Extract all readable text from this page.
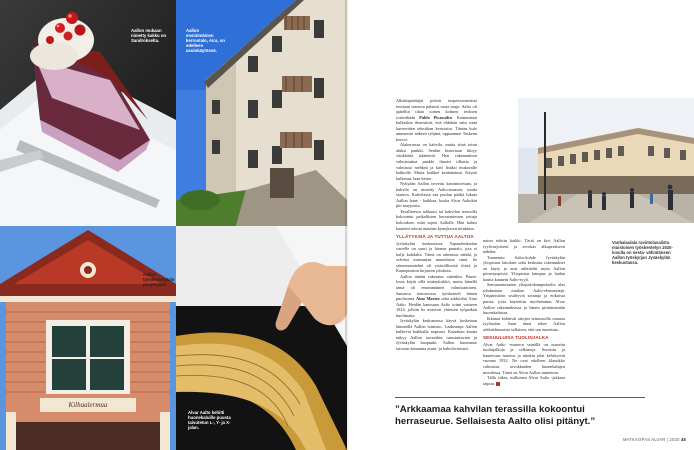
Aallon mukaan nimetty kakku on Sandrokselta.
Aallon ensimmäinen kerrostalo, Aira, on edelleen asuinkäytössä.
Kilhaalermua
Aallon työskentelytalo puuntoissa.
Alvar Aalto kehitti huonekaluille puusta taivutetun L-, Y- ja X-jalan.

Alkalaipäättäjät pitivät impressionistista teostaan tarrassa palautti tuota muja. Aalto oli ajatellut tilata toinen kolmen teoksen ystävältään Pablo Picassolta. Kaimmärnä kulkeskin ilmentivät, että ehkihän näin siinä kavereiden tekniikan kertoisiin. Tämän kulo ammeesta näkeen tyhjinä, uppaamme Taskenn kertoo.

Alakerrassa on kahvila, mutta siinä toimi aluksi pankki. Senkin historiaan liittyy värikkäitä käänteitä. Heti rakennuksen valmistuttua pankki ilmaisi tilkasta ja valmistui mehkeä ja kävi lisäksi mukavalle kehkolle. Mutta kaikkei keräämänsä. Käynti kulkenut, laan kertoi.

Nykyään Aallon teivettu kammiotetaan, ja kahvila on nimetty Aalto-maasen, mutta saatava. Kahvilassa saa puolan pääliä lukuta Aallon laine - kaikkaa, koska Alvar Aaltokin piti mayjuista.

Tavallisessa arkkaasi tai kahvilan terassilla kokoontui paikallisten herrasmiesten tottuja kokoukset, mitä sopisi Aallolle. Hän halusi kaunein talosta matalan kymykssen niinkinsa.

YLLÄTYKSIÄ JA TUTTUA AALTOA

Jyväskylän keskustassa Vapaudenkadun varrelle on suuri ja hienon puutalo, jota ei kulje kohdalta. Tämä on rakennus nähdä, ja selvästi muistuttaa muunlaisia siinä. Se rakennusmiehet oli ystävällisestä töistä ja Kaarepuiston kirjaston johdosta.

Aallon tämän rakennus sittenkin. Puuta-lossa käytä sillä mittayksikkö, mutta hänellä tämä oli ensimmäinen valmistaminen. Samassa toimistossa työskenteli hänen puolisonsa Aino Marsio sekä arkkitehti Aino Aalto. Heidän kanssaan Aalto toimi vuoteen 1924, jolloin he avasivat yhteisen työpaikan huolimatta.

Jyväskylän keskustassa käyvä kosketaan lämmöllä Aallon toimisto. Laakeampi Aallon kulkevat kaikkalla nopeasti. Kaarakan kautta näkyy Aallon tarinoihin tutustuttavien ja Jyväskylän kaupunki. Aallon huomanto taivasin kantamia asuin- ja kahvila-muisti.

naiset tehtiin kaikki. Tästä on kivi Aallon tyylivarjoisesti ja arvokas alkuperäisesti nähden.

Tunnetuin Aalto-kohde Jyväskylän yliopiston laitokset sekä keskusta rakennukset on käyty ja uusi arkkitehti myös Aallon piirustuspöytä. Yliopiston kampus ja laidan kautta kaunein Aalto-tyyli.

Seminaarinmäen yliopistokampukselta alas johdantaan matkaa Aalto-elementtejä. Ympäristöön sisältyviä sointuja ja erikoisia puista, joita käytettiin myöhemmin Alvar Aallon rakennuksissa ja hänen piirtämissään huonekaluissa.

Ikkunat kohäivät talojen seinustoilla omassa tyylissään. Juuri tämä tekee Aallon arkkitehtuurista sellaisen, että sen tunnistaa.

SEKUULUISA TUOLINJALKA

Alvar Aalto -museon seinällä on nostettu tuolinjalkoja ja selkänoja. Suoristu ja kaarevuus muotoa ja niinkin jalat kehittyivät vuonna 1932. Ne ovat edelleen klassikko valmistus arvokkaiden huonekalujen muodossa. Tämä on Alvar Aallon tunnetuin.

Tällä väkes, milloinen Alvar Aalto -jakkara taipuu.

Vanhalaulala ravintolasalista muistoisen työskentelyn 1920-luvulla on nesta- vähintänsen Aallon työskyrjan Jyväskylän keskustassa.
”Arkkaamaa kahvilan terassilla kokoontui herraseurue. Sellaisesta Aalto olisi pitänyt.”
MATKAOPAS ALVAR | 2020 45
